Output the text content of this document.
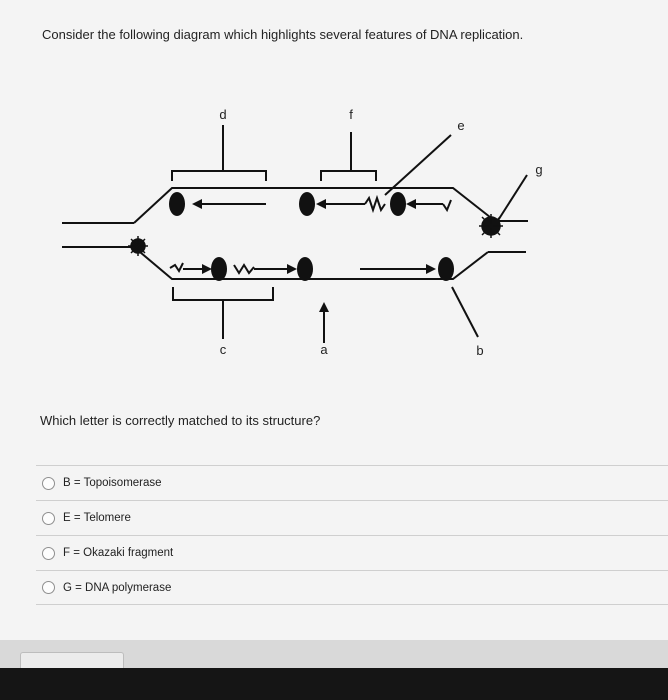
Consider the following diagram which highlights several features of DNA replication.
d	f
e
g
c	a	b
Which letter is correctly matched to its structure?
B = Topoisomerase
E = Telomere
F = Okazaki fragment
G = DNA polymerase
